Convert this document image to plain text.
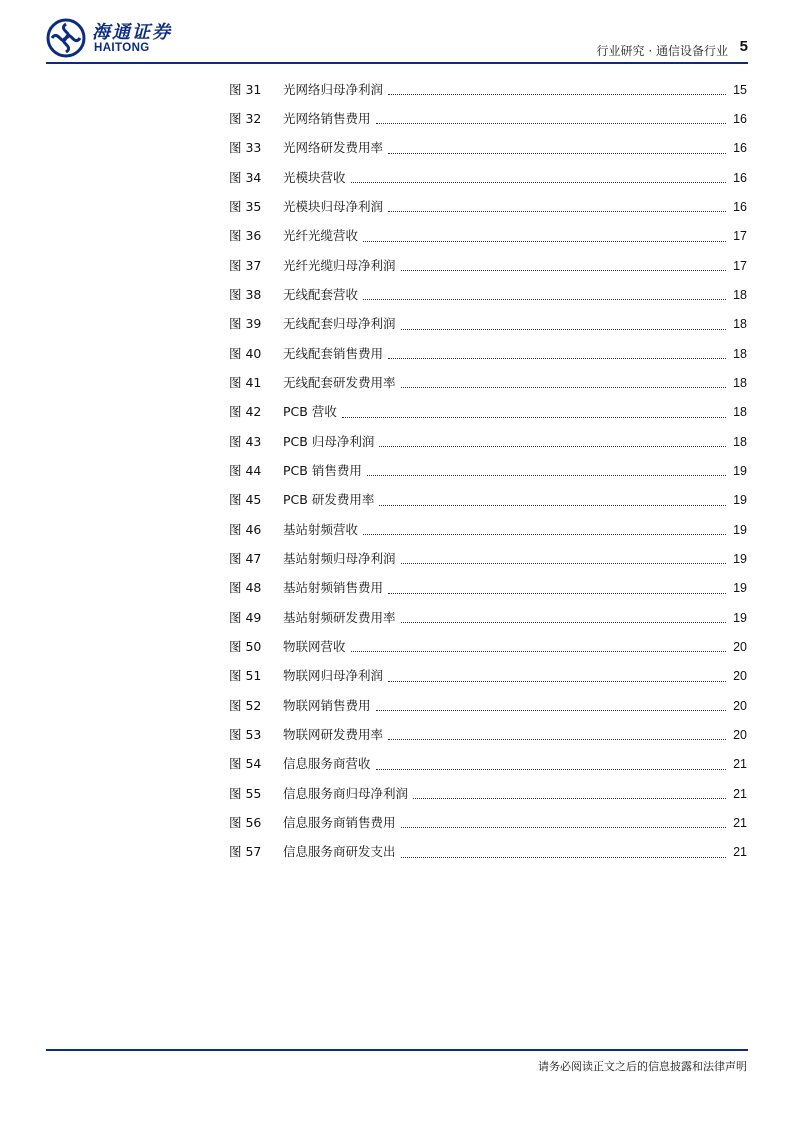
海通证券
HAITONG	行业研究 · 通信设备行业 5
图 31	光网络归母净利润	15
图 32	光网络销售费用	16
图 33	光网络研发费用率	16
图 34	光模块营收	16
图 35	光模块归母净利润	16
图 36	光纤光缆营收	17
图 37	光纤光缆归母净利润	17
图 38	无线配套营收	18
图 39	无线配套归母净利润	18
图 40	无线配套销售费用	18
图 41	无线配套研发费用率	18
图 42	PCB 营收	18
图 43	PCB 归母净利润	18
图 44	PCB 销售费用	19
图 45	PCB 研发费用率	19
图 46	基站射频营收	19
图 47	基站射频归母净利润	19
图 48	基站射频销售费用	19
图 49	基站射频研发费用率	19
图 50	物联网营收	20
图 51	物联网归母净利润	20
图 52	物联网销售费用	20
图 53	物联网研发费用率	20
图 54	信息服务商营收	21
图 55	信息服务商归母净利润	21
图 56	信息服务商销售费用	21
图 57	信息服务商研发支出	21
请务必阅读正文之后的信息披露和法律声明
